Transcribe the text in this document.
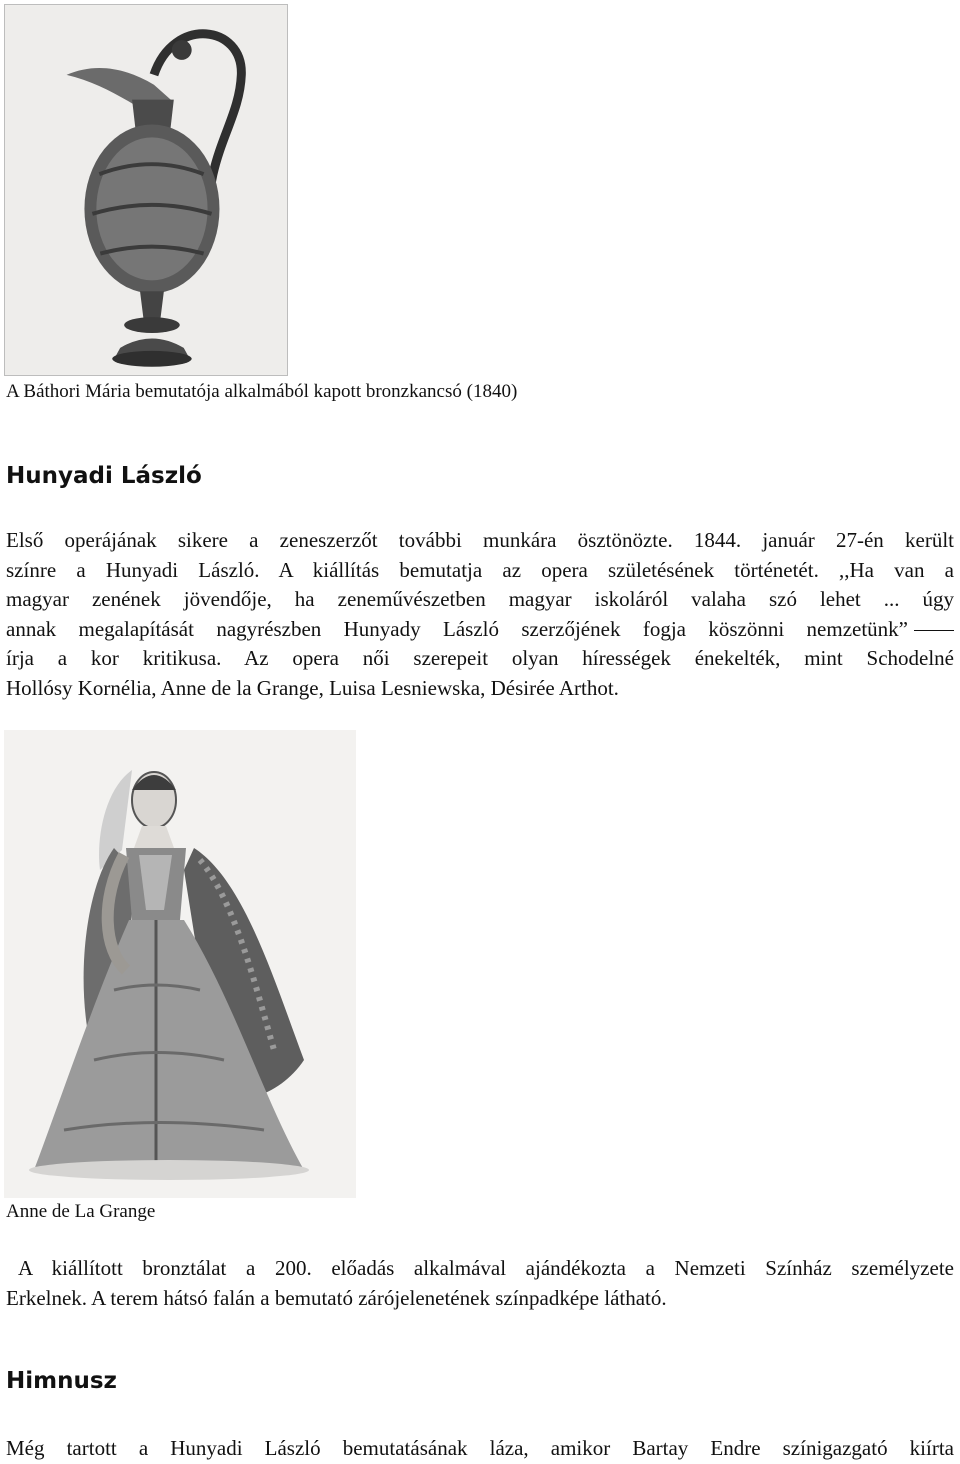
A Báthori Mária bemutatója alkalmából kapott bronzkancsó (1840)
Hunyadi László

Első operájának sikere a zeneszerzőt további munkára ösztönözte. 1844. január 27-én került
színre a Hunyadi László. A kiállítás bemutatja az opera születésének történetét. ,,Ha van a
magyar zenének jövendője, ha zeneművészetben magyar iskoláról valaha szó lehet ... úgy
annak megalapítását nagyrészben Hunyady László szerzőjének fogja köszönni nemzetünk”
írja a kor kritikusa. Az opera női szerepeit olyan hírességek énekelték, mint Schodelné
Hollósy Kornélia, Anne de la Grange, Luisa Lesniewska, Désirée Arthot.

Anne de La Grange

A kiállított bronztálat a 200. előadás alkalmával ajándékozta a Nemzeti Színház személyzete
Erkelnek. A terem hátsó falán a bemutató zárójelenetének színpadképe látható.

Himnusz

Még tartott a Hunyadi László bemutatásának láza, amikor Bartay Endre színigazgató kiírta
